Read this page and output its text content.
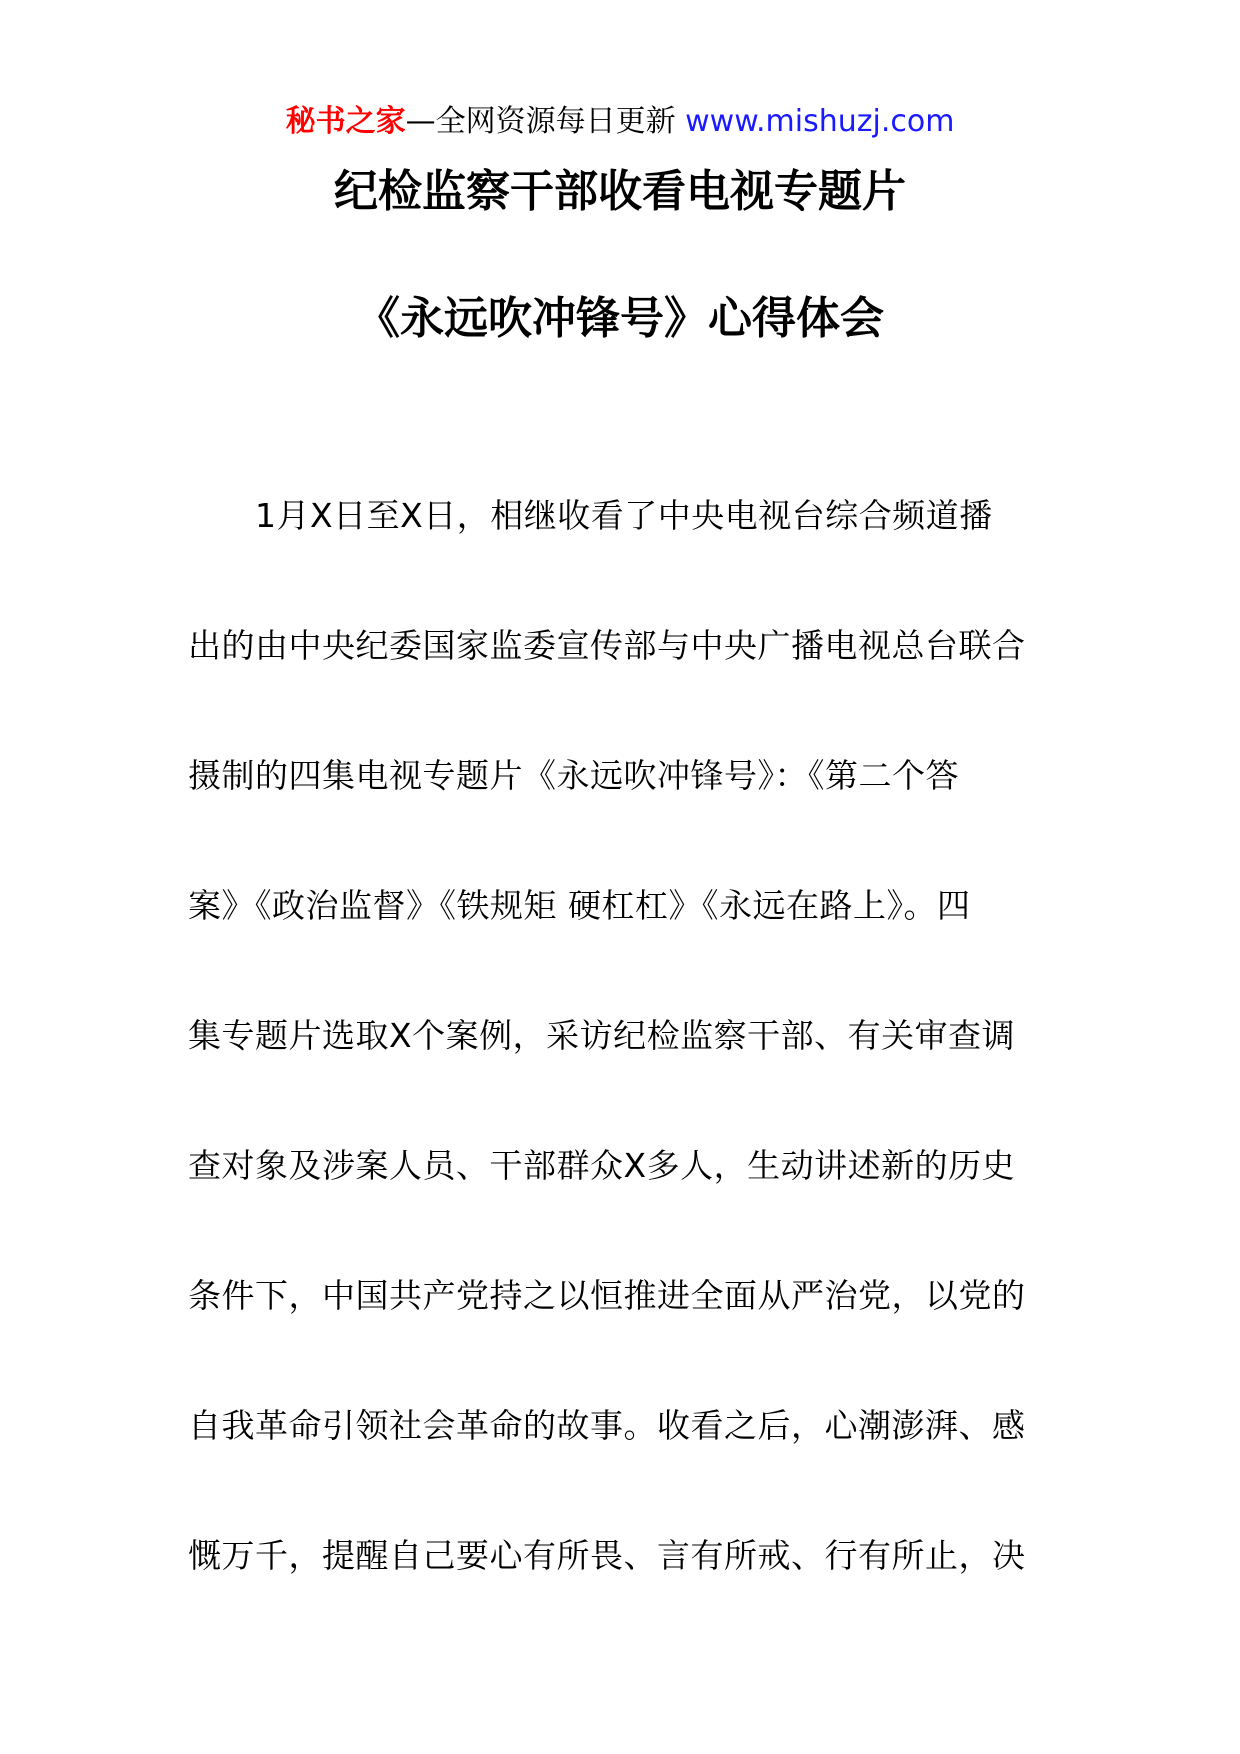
秘书之家—全网资源每日更新 www.mishuzj.com
纪检监察干部收看电视专题片
《永远吹冲锋号》心得体会
1月X日至X日，相继收看了中央电视台综合频道播
出的由中央纪委国家监委宣传部与中央广播电视总台联合
摄制的四集电视专题片《永远吹冲锋号》：《第二个答
案》《政治监督》《铁规矩 硬杠杠》《永远在路上》。四
集专题片选取X个案例，采访纪检监察干部、有关审查调
查对象及涉案人员、干部群众X多人，生动讲述新的历史
条件下，中国共产党持之以恒推进全面从严治党，以党的
自我革命引领社会革命的故事。收看之后，心潮澎湃、感
慨万千，提醒自己要心有所畏、言有所戒、行有所止，决
